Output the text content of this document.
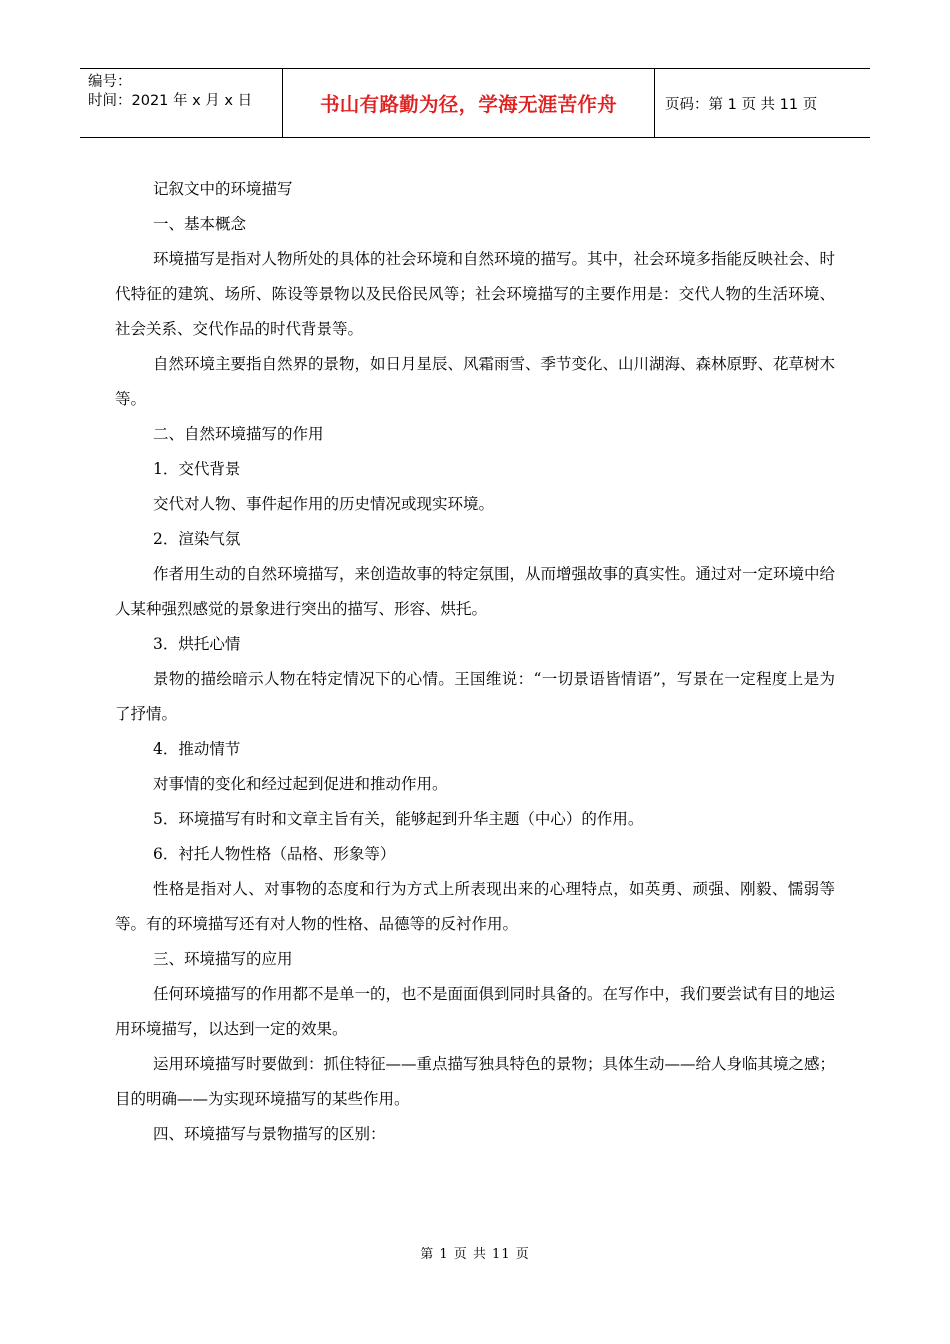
编号：
时间：2021 年 x 月 x 日	书山有路勤为径，学海无涯苦作舟	页码：第 1 页 共 11 页

记叙文中的环境描写

一、基本概念

环境描写是指对人物所处的具体的社会环境和自然环境的描写。其中，社会环境多指能反映社会、时代特征的建筑、场所、陈设等景物以及民俗民风等；社会环境描写的主要作用是：交代人物的生活环境、社会关系、交代作品的时代背景等。

自然环境主要指自然界的景物，如日月星辰、风霜雨雪、季节变化、山川湖海、森林原野、花草树木等。

二、自然环境描写的作用

1．交代背景

交代对人物、事件起作用的历史情况或现实环境。

2．渲染气氛

作者用生动的自然环境描写，来创造故事的特定氛围，从而增强故事的真实性。通过对一定环境中给人某种强烈感觉的景象进行突出的描写、形容、烘托。

3．烘托心情

景物的描绘暗示人物在特定情况下的心情。王国维说：“一切景语皆情语”，写景在一定程度上是为了抒情。

4．推动情节

对事情的变化和经过起到促进和推动作用。

5．环境描写有时和文章主旨有关，能够起到升华主题（中心）的作用。

6．衬托人物性格（品格、形象等）

性格是指对人、对事物的态度和行为方式上所表现出来的心理特点，如英勇、顽强、刚毅、懦弱等等。有的环境描写还有对人物的性格、品德等的反衬作用。

三、环境描写的应用

任何环境描写的作用都不是单一的，也不是面面俱到同时具备的。在写作中，我们要尝试有目的地运用环境描写，以达到一定的效果。

运用环境描写时要做到：抓住特征——重点描写独具特色的景物；具体生动——给人身临其境之感；目的明确——为实现环境描写的某些作用。

四、环境描写与景物描写的区别：

第 1 页 共 11 页
